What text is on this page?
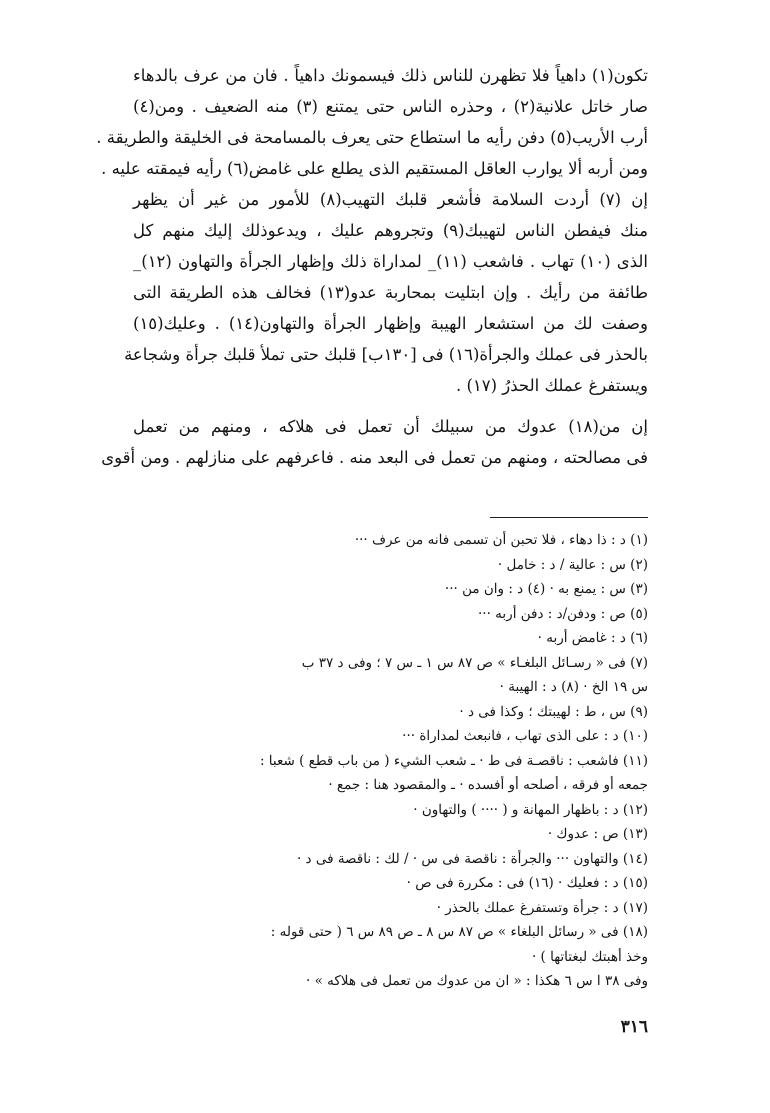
تكون(١) داهياً فلا تظهرن للناس ذلك فيسمونك داهياً . فان من عرف بالدهاء
صار خاتل علانية(٢) ، وحذره الناس حتى يمتنع (٣) منه الضعيف . ومن(٤)
أرب الأريب(٥) دفن رأيه ما استطاع حتى يعرف بالمسامحة فى الخليقة والطريقة .
ومن أربه ألا يوارب العاقل المستقيم الذى يطلع على غامض(٦) رأيه فيمقته عليه .
إن (٧) أردت السلامة فأشعر قلبك التهيب(٨) للأمور من غير أن يظهر
منك فيفطن الناس لتهيبك(٩) وتجروهم عليك ، ويدعوذلك إليك منهم كل
الذى (١٠) تهاب . فاشعب (١١)_ لمداراة ذلك وإظهار الجرأة والتهاون (١٢)_
طائفة من رأيك . وإن ابتليت بمحاربة عدو(١٣) فخالف هذه الطريقة التى
وصفت لك من استشعار الهيبة وإظهار الجرأة والتهاون(١٤) . وعليك(١٥)
بالحذر فى عملك والجرأة(١٦) فى [١٣٠ب] قلبك حتى تملأ قلبك جرأة وشجاعة
ويستفرغ عملك الحذرُ (١٧) .
إن من(١٨) عدوك من سبيلك أن تعمل فى هلاكه ، ومنهم من تعمل
فى مصالحته ، ومنهم من تعمل فى البعد منه . فاعرفهم على منازلهم . ومن أقوى
(١) د : ذا دهاء ، فلا تحبن أن تسمى فانه من عرف ···
(٢) س : عالية / د : خامل ·
(٣) س : يمنع به · (٤) د : وان من ···
(٥) ص : ودفن/د : دفن أربه ···
(٦) د : غامض أربه ·
(٧) فى « رسـائل البلغـاء » ص ٨٧ س ١ ـ س ٧ ؛ وفى د ٣٧ ب
س ١٩ الخ · (٨) د : الهيبة ·
(٩) س ، ط : لهيبتك ؛ وكذا فى د ·
(١٠) د : على الذى تهاب ، فانبعث لمداراة ···
(١١) فاشعب : ناقصـة فى ط · ـ شعب الشيء ( من باب قطع ) شعبا :
جمعه أو فرقه ، أصلحه أو أفسده · ـ والمقصود هنا : جمع ·
(١٢) د : باظهار المهانة و ( ···· ) والتهاون ·
(١٣) ص : عدوك ·
(١٤) والتهاون ··· والجرأة : ناقصة فى س · / لك : ناقصة فى د ·
(١٥) د : فعليك · (١٦) فى : مكررة فى ص ·
(١٧) د : جرأة وتستفرغ عملك بالحذر ·
(١٨) فى « رسائل البلغاء » ص ٨٧ س ٨ ـ ص ٨٩ س ٦ ( حتى قوله :
وخذ أهبتك لبغتاتها ) ·
وفى ٣٨ ا س ٦ هكذا : « ان من عدوك من تعمل فى هلاكه » ·
٣١٦
